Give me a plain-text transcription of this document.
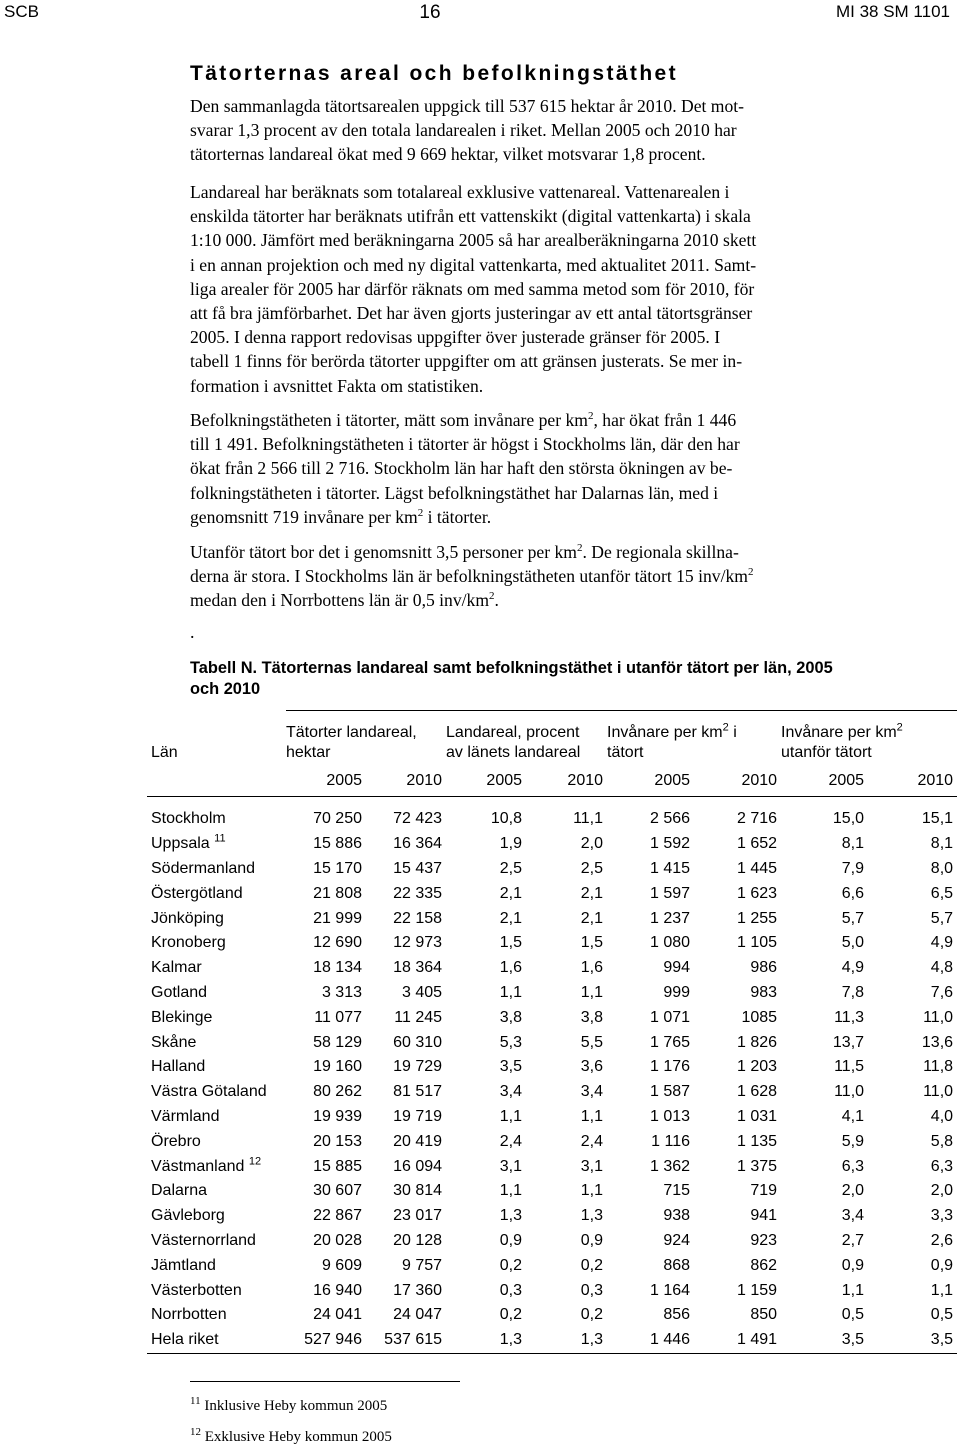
SCB	16	MI 38 SM 1101
Tätorternas areal och befolkningstäthet

Den sammanlagda tätortsarealen uppgick till 537 615 hektar år 2010. Det mot-
svarar 1,3 procent av den totala landarealen i riket. Mellan 2005 och 2010 har
tätorternas landareal ökat med 9 669 hektar, vilket motsvarar 1,8 procent.

Landareal har beräknats som totalareal exklusive vattenareal. Vattenarealen i
enskilda tätorter har beräknats utifrån ett vattenskikt (digital vattenkarta) i skala
1:10 000. Jämfört med beräkningarna 2005 så har arealberäkningarna 2010 skett
i en annan projektion och med ny digital vattenkarta, med aktualitet 2011. Samt-
liga arealer för 2005 har därför räknats om med samma metod som för 2010, för
att få bra jämförbarhet. Det har även gjorts justeringar av ett antal tätortsgränser
2005. I denna rapport redovisas uppgifter över justerade gränser för 2005. I
tabell 1 finns för berörda tätorter uppgifter om att gränsen justerats. Se mer in-
formation i avsnittet Fakta om statistiken.

Befolkningstätheten i tätorter, mätt som invånare per $km^2$, har ökat från 1 446
till 1 491. Befolkningstätheten i tätorter är högst i Stockholms län, där den har
ökat från 2 566 till 2 716. Stockholm län har haft den största ökningen av be-
folkningstätheten i tätorter. Lägst befolkningstäthet har Dalarnas län, med i
genomsnitt 719 invånare per $km^2$ i tätorter.

Utanför tätort bor det i genomsnitt 3,5 personer per $km^2$. De regionala skillna-
derna är stora. I Stockholms län är befolkningstätheten utanför tätort 15 inv/$km^2$
medan den i Norrbottens län är 0,5 inv/$km^2$.

.

Tabell N. Tätorternas landareal samt befolkningstäthet i utanför tätort per län, 2005
och 2010

Län	Tätorter landareal,
hektar		Landareal, procent
av länets landareal		Invånare per $km^2$ i
tätort		Invånare per $km^2$
utanför tätort	
	2005	2010	2005	2010	2005	2010	2005	2010

Stockholm	70 250	72 423	10,8	11,1	2 566	2 716	15,0	15,1
Uppsala $^{11}$	15 886	16 364	1,9	2,0	1 592	1 652	8,1	8,1
Södermanland	15 170	15 437	2,5	2,5	1 415	1 445	7,9	8,0
Östergötland	21 808	22 335	2,1	2,1	1 597	1 623	6,6	6,5
Jönköping	21 999	22 158	2,1	2,1	1 237	1 255	5,7	5,7
Kronoberg	12 690	12 973	1,5	1,5	1 080	1 105	5,0	4,9
Kalmar	18 134	18 364	1,6	1,6	994	986	4,9	4,8
Gotland	3 313	3 405	1,1	1,1	999	983	7,8	7,6
Blekinge	11 077	11 245	3,8	3,8	1 071	1085	11,3	11,0
Skåne	58 129	60 310	5,3	5,5	1 765	1 826	13,7	13,6
Halland	19 160	19 729	3,5	3,6	1 176	1 203	11,5	11,8
Västra Götaland	80 262	81 517	3,4	3,4	1 587	1 628	11,0	11,0
Värmland	19 939	19 719	1,1	1,1	1 013	1 031	4,1	4,0
Örebro	20 153	20 419	2,4	2,4	1 116	1 135	5,9	5,8
Västmanland $^{12}$	15 885	16 094	3,1	3,1	1 362	1 375	6,3	6,3
Dalarna	30 607	30 814	1,1	1,1	715	719	2,0	2,0
Gävleborg	22 867	23 017	1,3	1,3	938	941	3,4	3,3
Västernorrland	20 028	20 128	0,9	0,9	924	923	2,7	2,6
Jämtland	9 609	9 757	0,2	0,2	868	862	0,9	0,9
Västerbotten	16 940	17 360	0,3	0,3	1 164	1 159	1,1	1,1
Norrbotten	24 041	24 047	0,2	0,2	856	850	0,5	0,5
Hela riket	527 946	537 615	1,3	1,3	1 446	1 491	3,5	3,5
$^{11}$ Inklusive Heby kommun 2005
$^{12}$ Exklusive Heby kommun 2005
